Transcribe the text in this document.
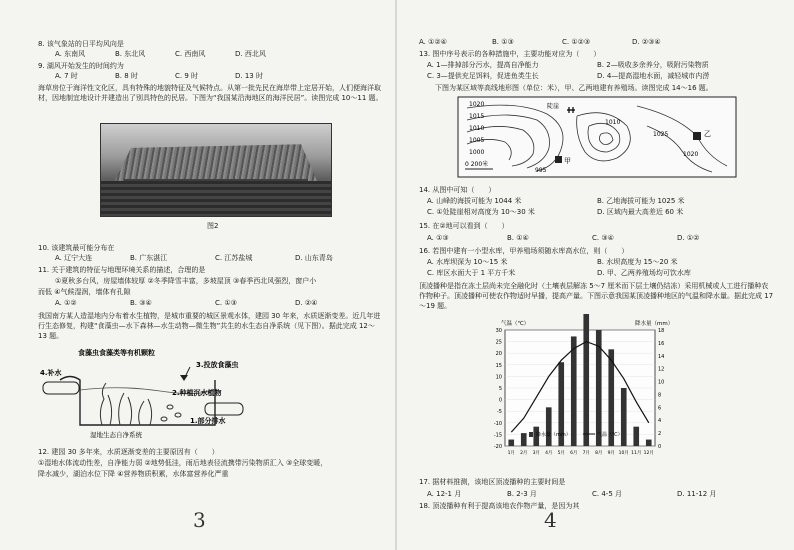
8. 该气象站的日平均风向是
A. 东南风	B. 东北风	C. 西南风	D. 西北风
9. 湖风开始发生的时间约为
A. 7 时	B. 8 时	C. 9 时	D. 13 时
海草房位于海洋性文化区，具有特殊的地貌特征及气候特点。从第一批先民在海岸带上定居开始，人们便海洋取材，因地制宜地设计并建造出了别具特色的民居。下图为“我国某沿海地区的海洋民居”。读图完成 10～11 题。
图2
10. 该建筑最可能分布在
A. 辽宁大连	B. 广东湛江	C. 江苏盐城	D. 山东青岛
11. 关于建筑的特征与地理环境关系的描述，合理的是
①夏秋多台风，房屋墙体较厚 ②冬季降雪丰富，多坡屋顶 ③春季西北风强烈，窗户小
而低 ④气候湿润，墙体有孔隙
A. ①②	B. ③④	C. ①③	D. ②④
我国南方某人造湿地内分布着水生植物，是城市重要的城区景观水体，建园 30 年来，水质逐渐变差。近几年进行生态修复，构建“食藻虫—水下森林—水生动物—微生物”共生的水生态自净系统（见下图）。据此完成 12～13 题。
食藻虫食藻类等有机颗粒
3.投放食藻虫
4.补水
2.种植沉水植物
1.部分排水
湿地生态自净系统
12. 建园 30 多年来，水质逐渐变差的主要原因有（　　）
①湿地水体流动性差，自净能力弱 ②地势低洼，雨后地表径流携带污染物质汇入 ③全球变暖，
降水减少，湖泊水位下降 ④营养物质积累，水体富营养化严重
3
A. ①②④	B. ①③	C. ①②③	D. ②③④
13. 图中序号表示的各种措施中，主要功能对应为（　　）
A. 1—排掉部分污水，提高自净能力	B. 2—吸收多余养分，吸附污染物质
C. 3—提供充足饵料，促进鱼类生长	D. 4—提高湿地水面，减轻城市内涝
下图为某区域等高线地形图（单位：米），甲、乙两地建有养殖场。读图完成 14～16 题。
1020
1015
1010
1005
1000
1010
1025
1020
995
陡崖
乙
甲
0 200米
14. 从图中可知（　　）
A. 山峰的海拔可能为 1044 米	B. 乙地海拔可能为 1025 米
C. ①处陡崖相对高度为 10～30 米	D. 区域内最大高差近 60 米
15. 在②地可以看到（　　）
A. ①③	B. ①④	C. ③④	D. ①②
16. 若图中建有一小型水库，甲养殖场须随水库高水位，则（　　）
A. 水库坝深为 10～15 米	B. 水坝高度为 15～20 米
C. 库区水面大于 1 平方千米	D. 甲、乙两养殖场均可饮水库
顶凌播种是指在冻土层尚未完全融化时（土壤表层解冻 5～7 厘米而下层土壤仍结冻）采用机械或人工进行播种农作物种子。顶凌播种可使农作物适时早播，提高产量。下图示意我国某顶凌播种地区的气温和降水量。据此完成 17～19 题。
30
25
20
15
10
5
0
-5
-10
-15
-20
18
16
14
12
10
8
6
4
2
0
1月 2月 3月 4月 5月 6月 7月 8月 9月 10月 11月 12月
气温（℃）	降水量（mm）
降水量（mm）	气温（℃）
17. 据材料推测，该地区顶凌播种的主要时间是
A. 12-1 月	B. 2-3 月	C. 4-5 月	D. 11-12 月
18. 顶凌播种有利于提高该地农作物产量，是因为其
4
